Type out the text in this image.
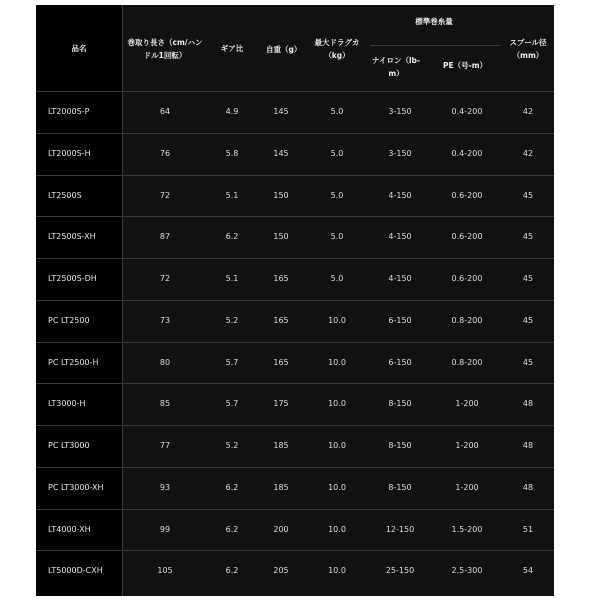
品名
巻取り長さ（cm/ハンドル1回転）
ギア比	自重（g）
最大ドラグカ（kg）
標準巻糸量
ナイロン（lb-m）
PE（号-m）
スプール径（mm）
LT2000S-P	64	4.9	145	5.0	3-150	0.4-200	42
LT2000S-H	76	5.8	145	5.0	3-150	0.4-200	42
LT2500S	72	5.1	150	5.0	4-150	0.6-200	45
LT2500S-XH	87	6.2	150	5.0	4-150	0.6-200	45
LT2500S-DH	72	5.1	165	5.0	4-150	0.6-200	45
PC LT2500	73	5.2	165	10.0	6-150	0.8-200	45
PC LT2500-H	80	5.7	165	10.0	6-150	0.8-200	45
LT3000-H	85	5.7	175	10.0	8-150	1-200	48
PC LT3000	77	5.2	185	10.0	8-150	1-200	48
PC LT3000-XH	93	6.2	185	10.0	8-150	1-200	48
LT4000-XH	99	6.2	200	10.0	12-150	1.5-200	51
LT5000D-CXH	105	6.2	205	10.0	25-150	2.5-300	54
